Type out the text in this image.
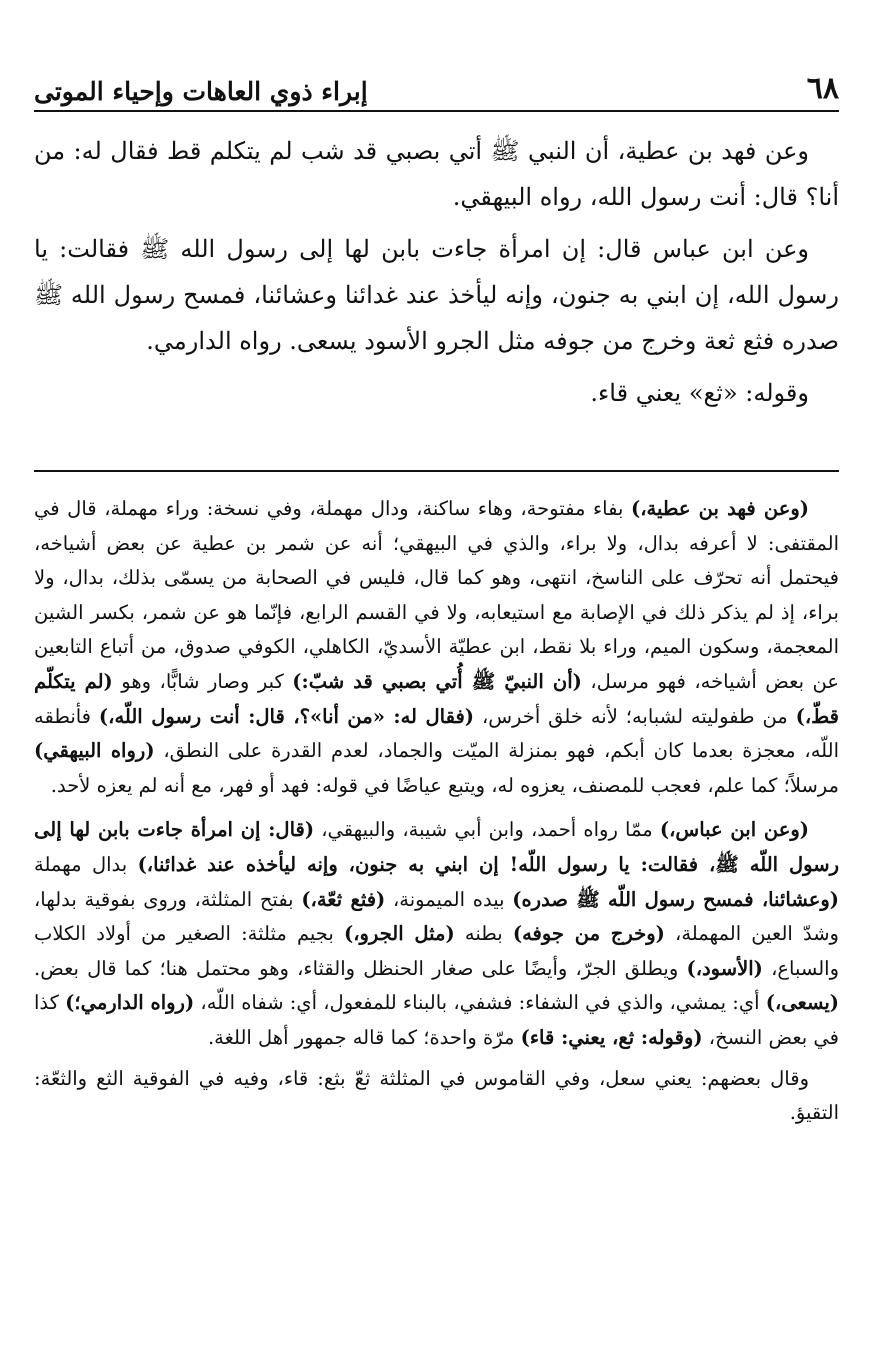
٦٨
إبراء ذوي العاهات وإحياء الموتى

وعن فهد بن عطية، أن النبي ﷺ أتي بصبي قد شب لم يتكلم قط فقال له: من أنا؟ قال: أنت رسول الله، رواه البيهقي.

وعن ابن عباس قال: إن امرأة جاءت بابن لها إلى رسول الله ﷺ فقالت: يا رسول الله، إن ابني به جنون، وإنه ليأخذ عند غدائنا وعشائنا، فمسح رسول الله ﷺ صدره فثع ثعة وخرج من جوفه مثل الجرو الأسود يسعى. رواه الدارمي.

وقوله: «ثع» يعني قاء.

(وعن فهد بن عطية،) بفاء مفتوحة، وهاء ساكنة، ودال مهملة، وفي نسخة: وراء مهملة، قال في المقتفى: لا أعرفه بدال، ولا براء، والذي في البيهقي؛ أنه عن شمر بن عطية عن بعض أشياخه، فيحتمل أنه تحرّف على الناسخ، انتهى، وهو كما قال، فليس في الصحابة من يسمّى بذلك، بدال، ولا براء، إذ لم يذكر ذلك في الإصابة مع استيعابه، ولا في القسم الرابع، فإنّما هو عن شمر، بكسر الشين المعجمة، وسكون الميم، وراء بلا نقط، ابن عطيّة الأسديّ، الكاهلي، الكوفي صدوق، من أتباع التابعين عن بعض أشياخه، فهو مرسل، (أن النبيّ ﷺ أُتي بصبي قد شبّ:) كبر وصار شابًّا، وهو (لم يتكلّم قطّ،) من طفوليته لشبابه؛ لأنه خلق أخرس، (فقال له: «من أنا»؟، قال: أنت رسول اللّه،) فأنطقه اللّه، معجزة بعدما كان أبكم، فهو بمنزلة الميّت والجماد، لعدم القدرة على النطق، (رواه البيهقي) مرسلاً؛ كما علم، فعجب للمصنف، يعزوه له، ويتبع عياضًا في قوله: فهد أو فهر، مع أنه لم يعزه لأحد.

(وعن ابن عباس،) ممّا رواه أحمد، وابن أبي شيبة، والبيهقي، (قال: إن امرأة جاءت بابن لها إلى رسول اللّه ﷺ، فقالت: يا رسول اللّه! إن ابني به جنون، وإنه ليأخذه عند غدائنا،) بدال مهملة (وعشائنا، فمسح رسول اللّه ﷺ صدره) بيده الميمونة، (فثع ثعّة،) بفتح المثلثة، وروى بفوقية بدلها، وشدّ العين المهملة، (وخرج من جوفه) بطنه (مثل الجرو،) بجيم مثلثة: الصغير من أولاد الكلاب والسباع، (الأسود،) ويطلق الجرّ، وأيضًا على صغار الحنظل والقثاء، وهو محتمل هنا؛ كما قال بعض. (يسعى،) أي: يمشي، والذي في الشفاء: فشفي، بالبناء للمفعول، أي: شفاه اللّه، (رواه الدارمي؛) كذا في بعض النسخ، (وقوله: ثع، يعني: قاء) مرّة واحدة؛ كما قاله جمهور أهل اللغة.

وقال بعضهم: يعني سعل، وفي القاموس في المثلثة ثعّ بثع: قاء، وفيه في الفوقية الثع والثعّة: التقيؤ.
